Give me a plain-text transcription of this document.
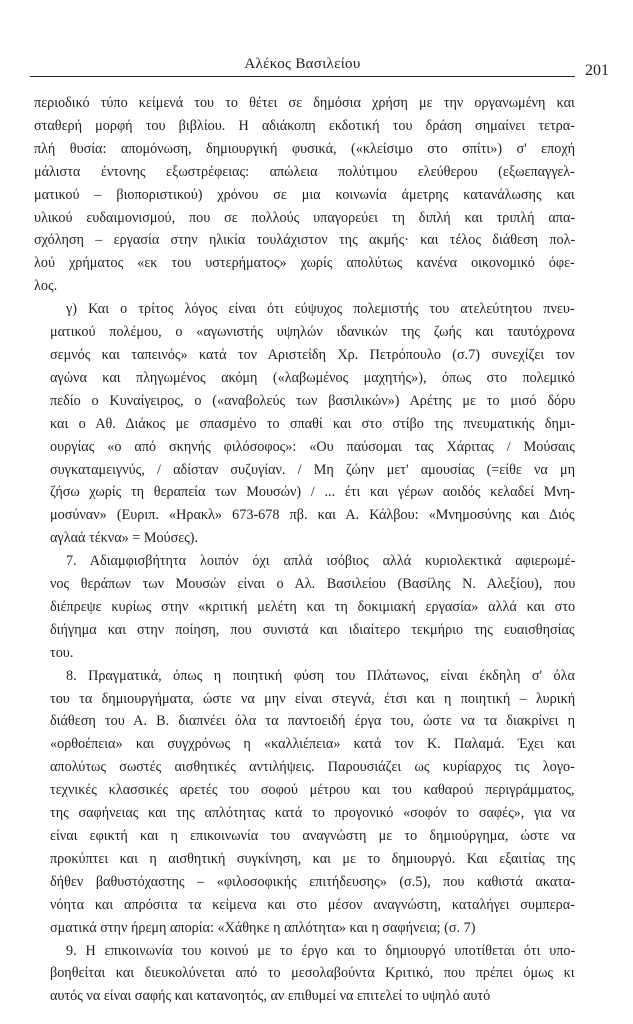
Αλέκος Βασιλείου	201

περιοδικό τύπο κείμενά του το θέτει σε δημόσια χρήση με την οργανωμένη και
σταθερή μορφή του βιβλίου. Η αδιάκοπη εκδοτική του δράση σημαίνει τετρα-
πλή θυσία: απομόνωση, δημιουργική φυσικά, («κλείσιμο στο σπίτι») σ' εποχή
μάλιστα έντονης εξωστρέφειας: απώλεια πολύτιμου ελεύθερου (εξωεπαγγελ-
ματικού – βιοποριστικού) χρόνου σε μια κοινωνία άμετρης κατανάλωσης και
υλικού ευδαιμονισμού, που σε πολλούς υπαγορεύει τη διπλή και τριπλή απα-
σχόληση – εργασία στην ηλικία τουλάχιστον της ακμής· και τέλος διάθεση πολ-
λού χρήματος «εκ του υστερήματος» χωρίς απολύτως κανένα οικονομικό όφε-
λος.

γ) Και ο τρίτος λόγος είναι ότι εύψυχος πολεμιστής του ατελεύτητου πνευ-
ματικού πολέμου, ο «αγωνιστής υψηλών ιδανικών της ζωής και ταυτόχρονα
σεμνός και ταπεινός» κατά τον Αριστείδη Χρ. Πετρόπουλο (σ.7) συνεχίζει τον
αγώνα και πληγωμένος ακόμη («λαβωμένος μαχητής»), όπως στο πολεμικό
πεδίο ο Κυναίγειρος, ο («αναβολεύς των βασιλικών») Αρέτης με το μισό δόρυ
και ο Αθ. Διάκος με σπασμένο το σπαθί και στο στίβο της πνευματικής δημι-
ουργίας «ο από σκηνής φιλόσοφος»: «Ου παύσομαι τας Χάριτας / Μούσαις
συγκαταμειγνύς, / αδίσταν συζυγίαν. / Μη ζώην μετ' αμουσίας (=είθε να μη
ζήσω χωρίς τη θεραπεία των Μουσών) / ... έτι και γέρων αοιδός κελαδεί Μνη-
μοσύναν» (Ευριπ. «Ηρακλ» 673-678 πβ. και Α. Κάλβου: «Μνημοσύνης και Διός
αγλαά τέκνα» = Μούσες).

7. Αδιαμφισβήτητα λοιπόν όχι απλά ισόβιος αλλά κυριολεκτικά αφιερωμέ-
νος θεράπων των Μουσών είναι ο Αλ. Βασιλείου (Βασίλης Ν. Αλεξίου), που
διέπρεψε κυρίως στην «κριτική μελέτη και τη δοκιμιακή εργασία» αλλά και στο
διήγημα και στην ποίηση, που συνιστά και ιδιαίτερο τεκμήριο της ευαισθησίας
του.

8. Πραγματικά, όπως η ποιητική φύση του Πλάτωνος, είναι έκδηλη σ' όλα
του τα δημιουργήματα, ώστε να μην είναι στεγνά, έτσι και η ποιητική – λυρική
διάθεση του Α. Β. διαπνέει όλα τα παντοειδή έργα του, ώστε να τα διακρίνει η
«ορθοέπεια» και συγχρόνως η «καλλιέπεια» κατά τον Κ. Παλαμά. Έχει και
απολύτως σωστές αισθητικές αντιλήψεις. Παρουσιάζει ως κυρίαρχος τις λογο-
τεχνικές κλασσικές αρετές του σοφού μέτρου και του καθαρού περιγράμματος,
της σαφήνειας και της απλότητας κατά το προγονικό «σοφόν το σαφές», για να
είναι εφικτή και η επικοινωνία του αναγνώστη με το δημιούργημα, ώστε να
προκύπτει και η αισθητική συγκίνηση, και με το δημιουργό. Και εξαιτίας της
δήθεν βαθυστόχαστης – «φιλοσοφικής επιτήδευσης» (σ.5), που καθιστά ακατα-
νόητα και απρόσιτα τα κείμενα και στο μέσον αναγνώστη, καταλήγει συμπερα-
σματικά στην ήρεμη απορία: «Χάθηκε η απλότητα» και η σαφήνεια; (σ. 7)

9. Η επικοινωνία του κοινού με το έργο και το δημιουργό υποτίθεται ότι υπο-
βοηθείται και διευκολύνεται από το μεσολαβούντα Κριτικό, που πρέπει όμως κι
αυτός να είναι σαφής και κατανοητός, αν επιθυμεί να επιτελεί το υψηλό αυτό
